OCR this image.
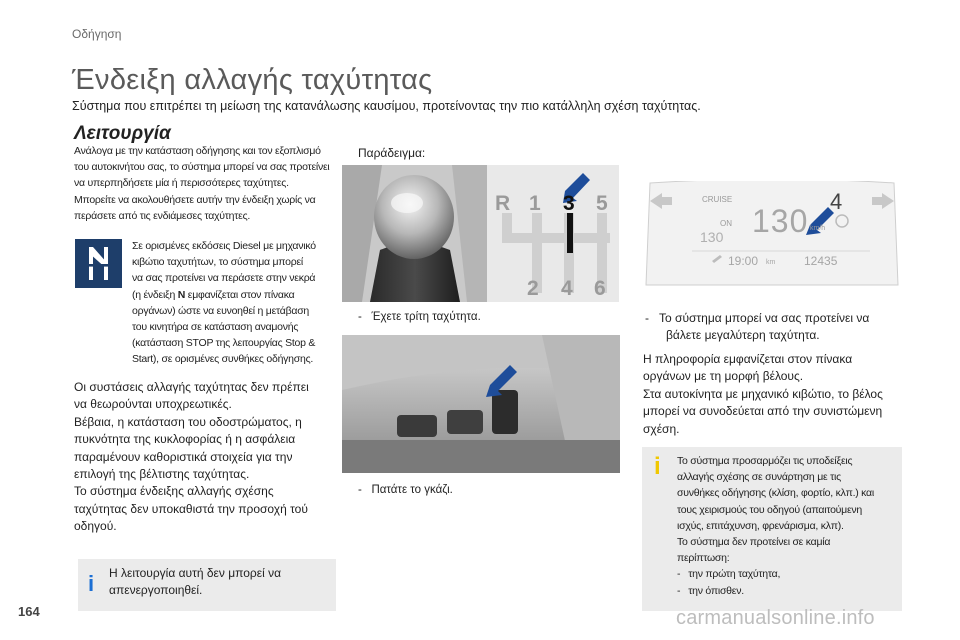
Οδήγηση
Ένδειξη αλλαγής ταχύτητας
Σύστημα που επιτρέπει τη μείωση της κατανάλωσης καυσίμου, προτείνοντας την πιο κατάλληλη σχέση ταχύτητας.
Λειτουργία
Ανάλογα με την κατάσταση οδήγησης και τον εξοπλισμό
του αυτοκινήτου σας, το σύστημα μπορεί να σας προτείνει
να υπερπηδήσετε μία ή περισσότερες ταχύτητες.
Μπορείτε να ακολουθήσετε αυτήν την ένδειξη χωρίς να
περάσετε από τις ενδιάμεσες ταχύτητες.
Σε ορισμένες εκδόσεις Diesel με μηχανικό
κιβώτιο ταχυτήτων, το σύστημα μπορεί
να σας προτείνει να περάσετε στην νεκρά
(η ένδειξη N εμφανίζεται στον πίνακα
οργάνων) ώστε να ευνοηθεί η μετάβαση
του κινητήρα σε κατάσταση αναμονής
(κατάσταση STOP της λειτουργίας Stop &
Start), σε ορισμένες συνθήκες οδήγησης.
Οι συστάσεις αλλαγής ταχύτητας δεν πρέπει
να θεωρούνται υποχρεωτικές.
Βέβαια, η κατάσταση του οδοστρώματος, η
πυκνότητα της κυκλοφορίας ή η ασφάλεια
παραμένουν καθοριστικά στοιχεία για την
επιλογή της βέλτιστης ταχύτητας.
Το σύστημα ένδειξης αλλαγής σχέσης
ταχύτητας δεν υποκαθιστά την προσοχή τού
οδηγού.
i Η λειτουργία αυτή δεν μπορεί να
απενεργοποιηθεί.
Παράδειγμα:
R 1 3 5
2 4 6
- Έχετε τρίτη ταχύτητα.
- Πατάτε το γκάζι.
CRUISE
ON
130 130 km/h
4
19:00 km 12435
- Το σύστημα μπορεί να σας προτείνει να
βάλετε μεγαλύτερη ταχύτητα.
Η πληροφορία εμφανίζεται στον πίνακα
οργάνων με τη μορφή βέλους.
Στα αυτοκίνητα με μηχανικό κιβώτιο, το βέλος
μπορεί να συνοδεύεται από την συνιστώμενη
σχέση.
i Το σύστημα προσαρμόζει τις υποδείξεις
αλλαγής σχέσης σε συνάρτηση με τις
συνθήκες οδήγησης (κλίση, φορτίο, κλπ.) και
τους χειρισμούς του οδηγού (απαιτούμενη
ισχύς, επιτάχυνση, φρενάρισμα, κλπ).
Το σύστημα δεν προτείνει σε καμία
περίπτωση:
- την πρώτη ταχύτητα,
- την όπισθεν.
164	carmanualsonline.info
